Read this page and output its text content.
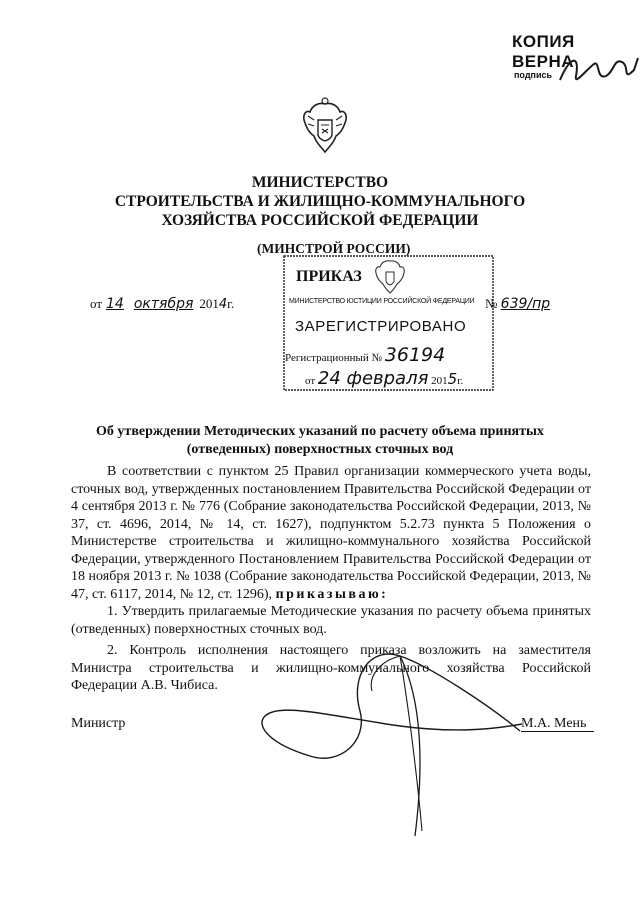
КОПИЯ ВЕРНА
подпись
МИНИСТЕРСТВО
СТРОИТЕЛЬСТВА И ЖИЛИЩНО-КОММУНАЛЬНОГО
ХОЗЯЙСТВА РОССИЙСКОЙ ФЕДЕРАЦИИ
(МИНСТРОЙ РОССИИ)
ПРИКАЗ
МИНИСТЕРСТВО ЮСТИЦИИ РОССИЙСКОЙ ФЕДЕРАЦИИ
ЗАРЕГИСТРИРОВАНО
Регистрационный № 36194
от 24 февраля 2015г.
от 14 октября 2014г.	№ 639/пр
Об утверждении Методических указаний по расчету объема принятых
(отведенных) поверхностных сточных вод

В соответствии с пунктом 25 Правил организации коммерческого учета воды, сточных вод, утвержденных постановлением Правительства Российской Федерации от 4 сентября 2013 г. № 776 (Собрание законодательства Российской Федерации, 2013, № 37, ст. 4696, 2014, № 14, ст. 1627), подпунктом 5.2.73 пункта 5 Положения о Министерстве строительства и жилищно-коммунального хозяйства Российской Федерации, утвержденного Постановлением Правительства Российской Федерации от 18 ноября 2013 г. № 1038 (Собрание законодательства Российской Федерации, 2013, № 47, ст. 6117, 2014, № 12, ст. 1296), приказываю:

1. Утвердить прилагаемые Методические указания по расчету объема принятых (отведенных) поверхностных сточных вод.

2. Контроль исполнения настоящего приказа возложить на заместителя Министра строительства и жилищно-коммунального хозяйства Российской Федерации А.В. Чибиса.

Министр	М.А. Мень
